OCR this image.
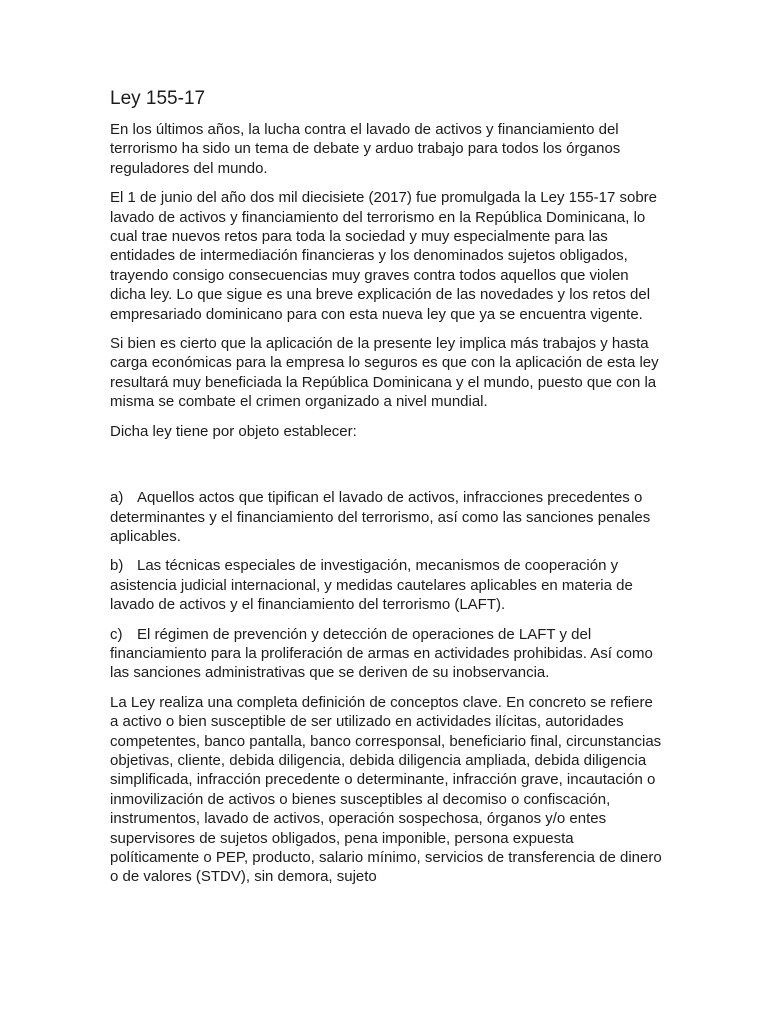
Ley 155-17

En los últimos años, la lucha contra el lavado de activos y financiamiento del terrorismo ha sido un tema de debate y arduo trabajo para todos los órganos reguladores del mundo.

El 1 de junio del año dos mil diecisiete (2017) fue promulgada la Ley 155-17 sobre lavado de activos y financiamiento del terrorismo en la República Dominicana, lo cual trae nuevos retos para toda la sociedad y muy especialmente para las entidades de intermediación financieras y los denominados sujetos obligados, trayendo consigo consecuencias muy graves contra todos aquellos que violen dicha ley. Lo que sigue es una breve explicación de las novedades y los retos del empresariado dominicano para con esta nueva ley que ya se encuentra vigente.

Si bien es cierto que la aplicación de la presente ley implica más trabajos y hasta carga económicas para la empresa lo seguros es que con la aplicación de esta ley resultará muy beneficiada la República Dominicana y el mundo, puesto que con la misma se combate el crimen organizado a nivel mundial.

Dicha ley tiene por objeto establecer:

a) Aquellos actos que tipifican el lavado de activos, infracciones precedentes o determinantes y el financiamiento del terrorismo, así como las sanciones penales aplicables.

b) Las técnicas especiales de investigación, mecanismos de cooperación y asistencia judicial internacional, y medidas cautelares aplicables en materia de lavado de activos y el financiamiento del terrorismo (LAFT).

c) El régimen de prevención y detección de operaciones de LAFT y del financiamiento para la proliferación de armas en actividades prohibidas. Así como las sanciones administrativas que se deriven de su inobservancia.

La Ley realiza una completa definición de conceptos clave. En concreto se refiere a activo o bien susceptible de ser utilizado en actividades ilícitas, autoridades competentes, banco pantalla, banco corresponsal, beneficiario final, circunstancias objetivas, cliente, debida diligencia, debida diligencia ampliada, debida diligencia simplificada, infracción precedente o determinante, infracción grave, incautación o inmovilización de activos o bienes susceptibles al decomiso o confiscación, instrumentos, lavado de activos, operación sospechosa, órganos y/o entes supervisores de sujetos obligados, pena imponible, persona expuesta políticamente o PEP, producto, salario mínimo, servicios de transferencia de dinero o de valores (STDV), sin demora, sujeto
